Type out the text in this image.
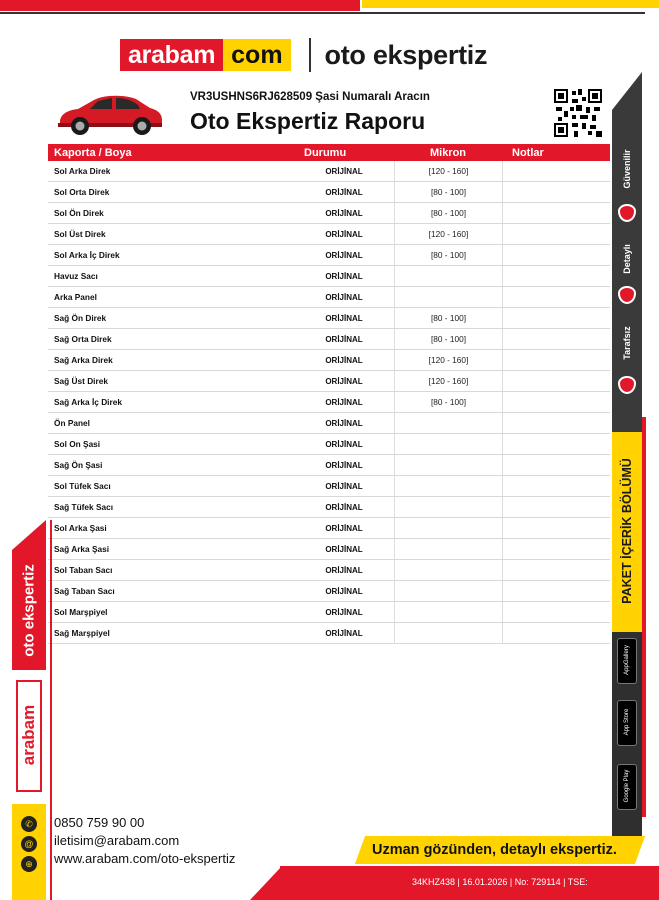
arabam com oto ekspertiz
VR3USHNS6RJ628509 Şasi Numaralı Aracın
Oto Ekspertiz Raporu
Kaporta / Boya	Durumu	Mikron	Notlar
Sol Arka Direk	ORİJİNAL	[120 - 160]
Sol Orta Direk	ORİJİNAL	[80 - 100]
Sol Ön Direk	ORİJİNAL	[80 - 100]
Sol Üst Direk	ORİJİNAL	[120 - 160]
Sol Arka İç Direk	ORİJİNAL	[80 - 100]
Havuz Sacı	ORİJİNAL
Arka Panel	ORİJİNAL
Sağ Ön Direk	ORİJİNAL	[80 - 100]
Sağ Orta Direk	ORİJİNAL	[80 - 100]
Sağ Arka Direk	ORİJİNAL	[120 - 160]
Sağ Üst Direk	ORİJİNAL	[120 - 160]
Sağ Arka İç Direk	ORİJİNAL	[80 - 100]
Ön Panel	ORİJİNAL
Sol On Şasi	ORİJİNAL
Sağ Ön Şasi	ORİJİNAL
Sol Tüfek Sacı	ORİJİNAL
Sağ Tüfek Sacı	ORİJİNAL
Sol Arka Şasi	ORİJİNAL
Sağ Arka Şasi	ORİJİNAL
Sol Taban Sacı	ORİJİNAL
Sağ Taban Sacı	ORİJİNAL
Sol Marşpiyel	ORİJİNAL
Sağ Marşpiyel	ORİJİNAL
Güvenilir
Detaylı
Tarafsız
PAKET İÇERİK BÖLÜMÜ
AppGallery
App Store
Google Play
oto ekspertiz
arabam
✆
@
⊕
0850 759 90 00
iletisim@arabam.com
www.arabam.com/oto-ekspertiz
Uzman gözünden, detaylı ekspertiz.
34KHZ438 | 16.01.2026 | No: 729114 | TSE:
